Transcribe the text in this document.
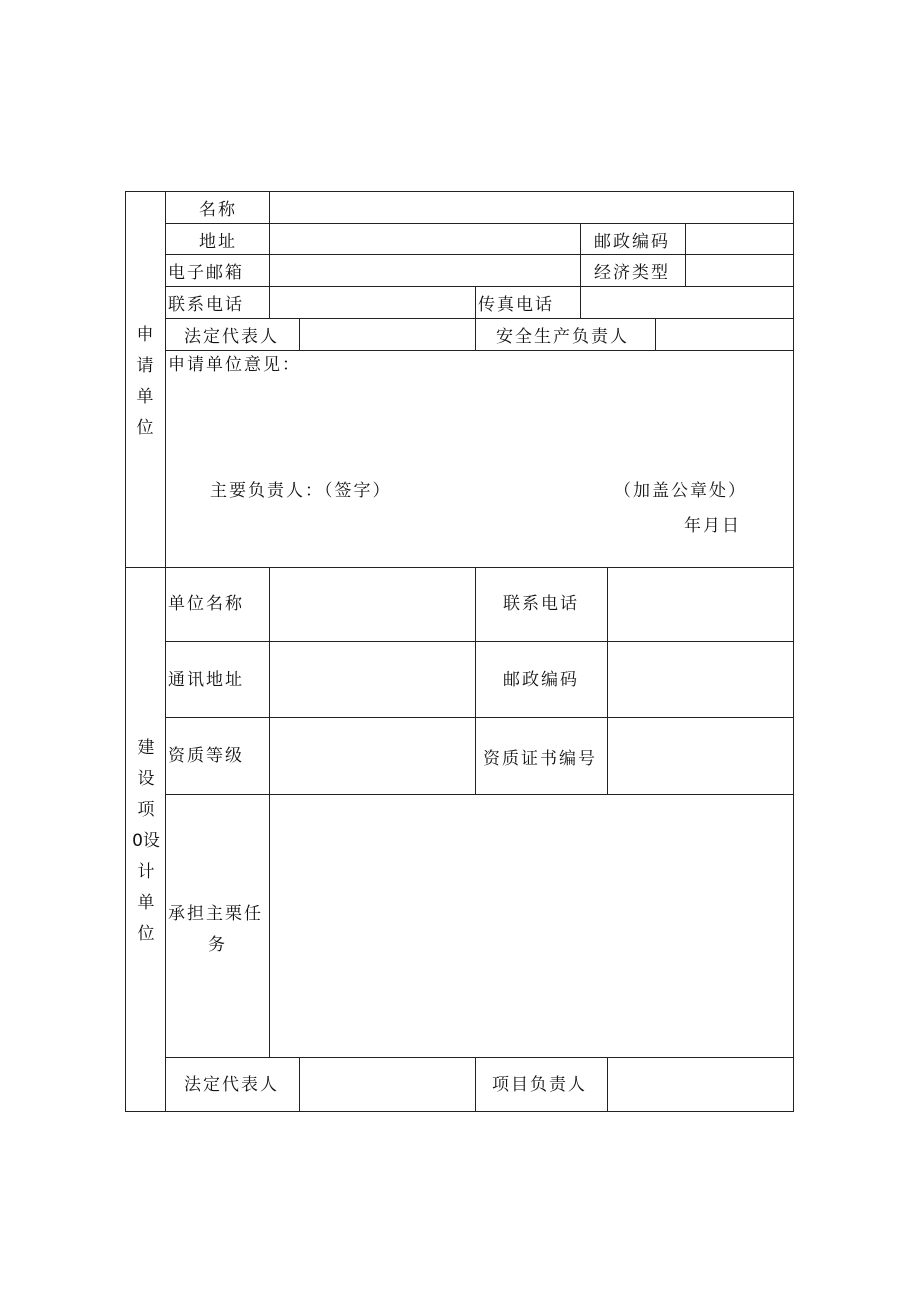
申
请
单
位
名称
地址	邮政编码
电子邮箱	经济类型
联系电话	传真电话
法定代表人	安全生产负责人
申请单位意见：
主要负责人：（签字）	（加盖公章处）
年月日
建
设
项
0设
计
单
位
单位名称	联系电话
通讯地址	邮政编码
资质等级	资质证书编号
承担主栗任
务
法定代表人	项目负责人
